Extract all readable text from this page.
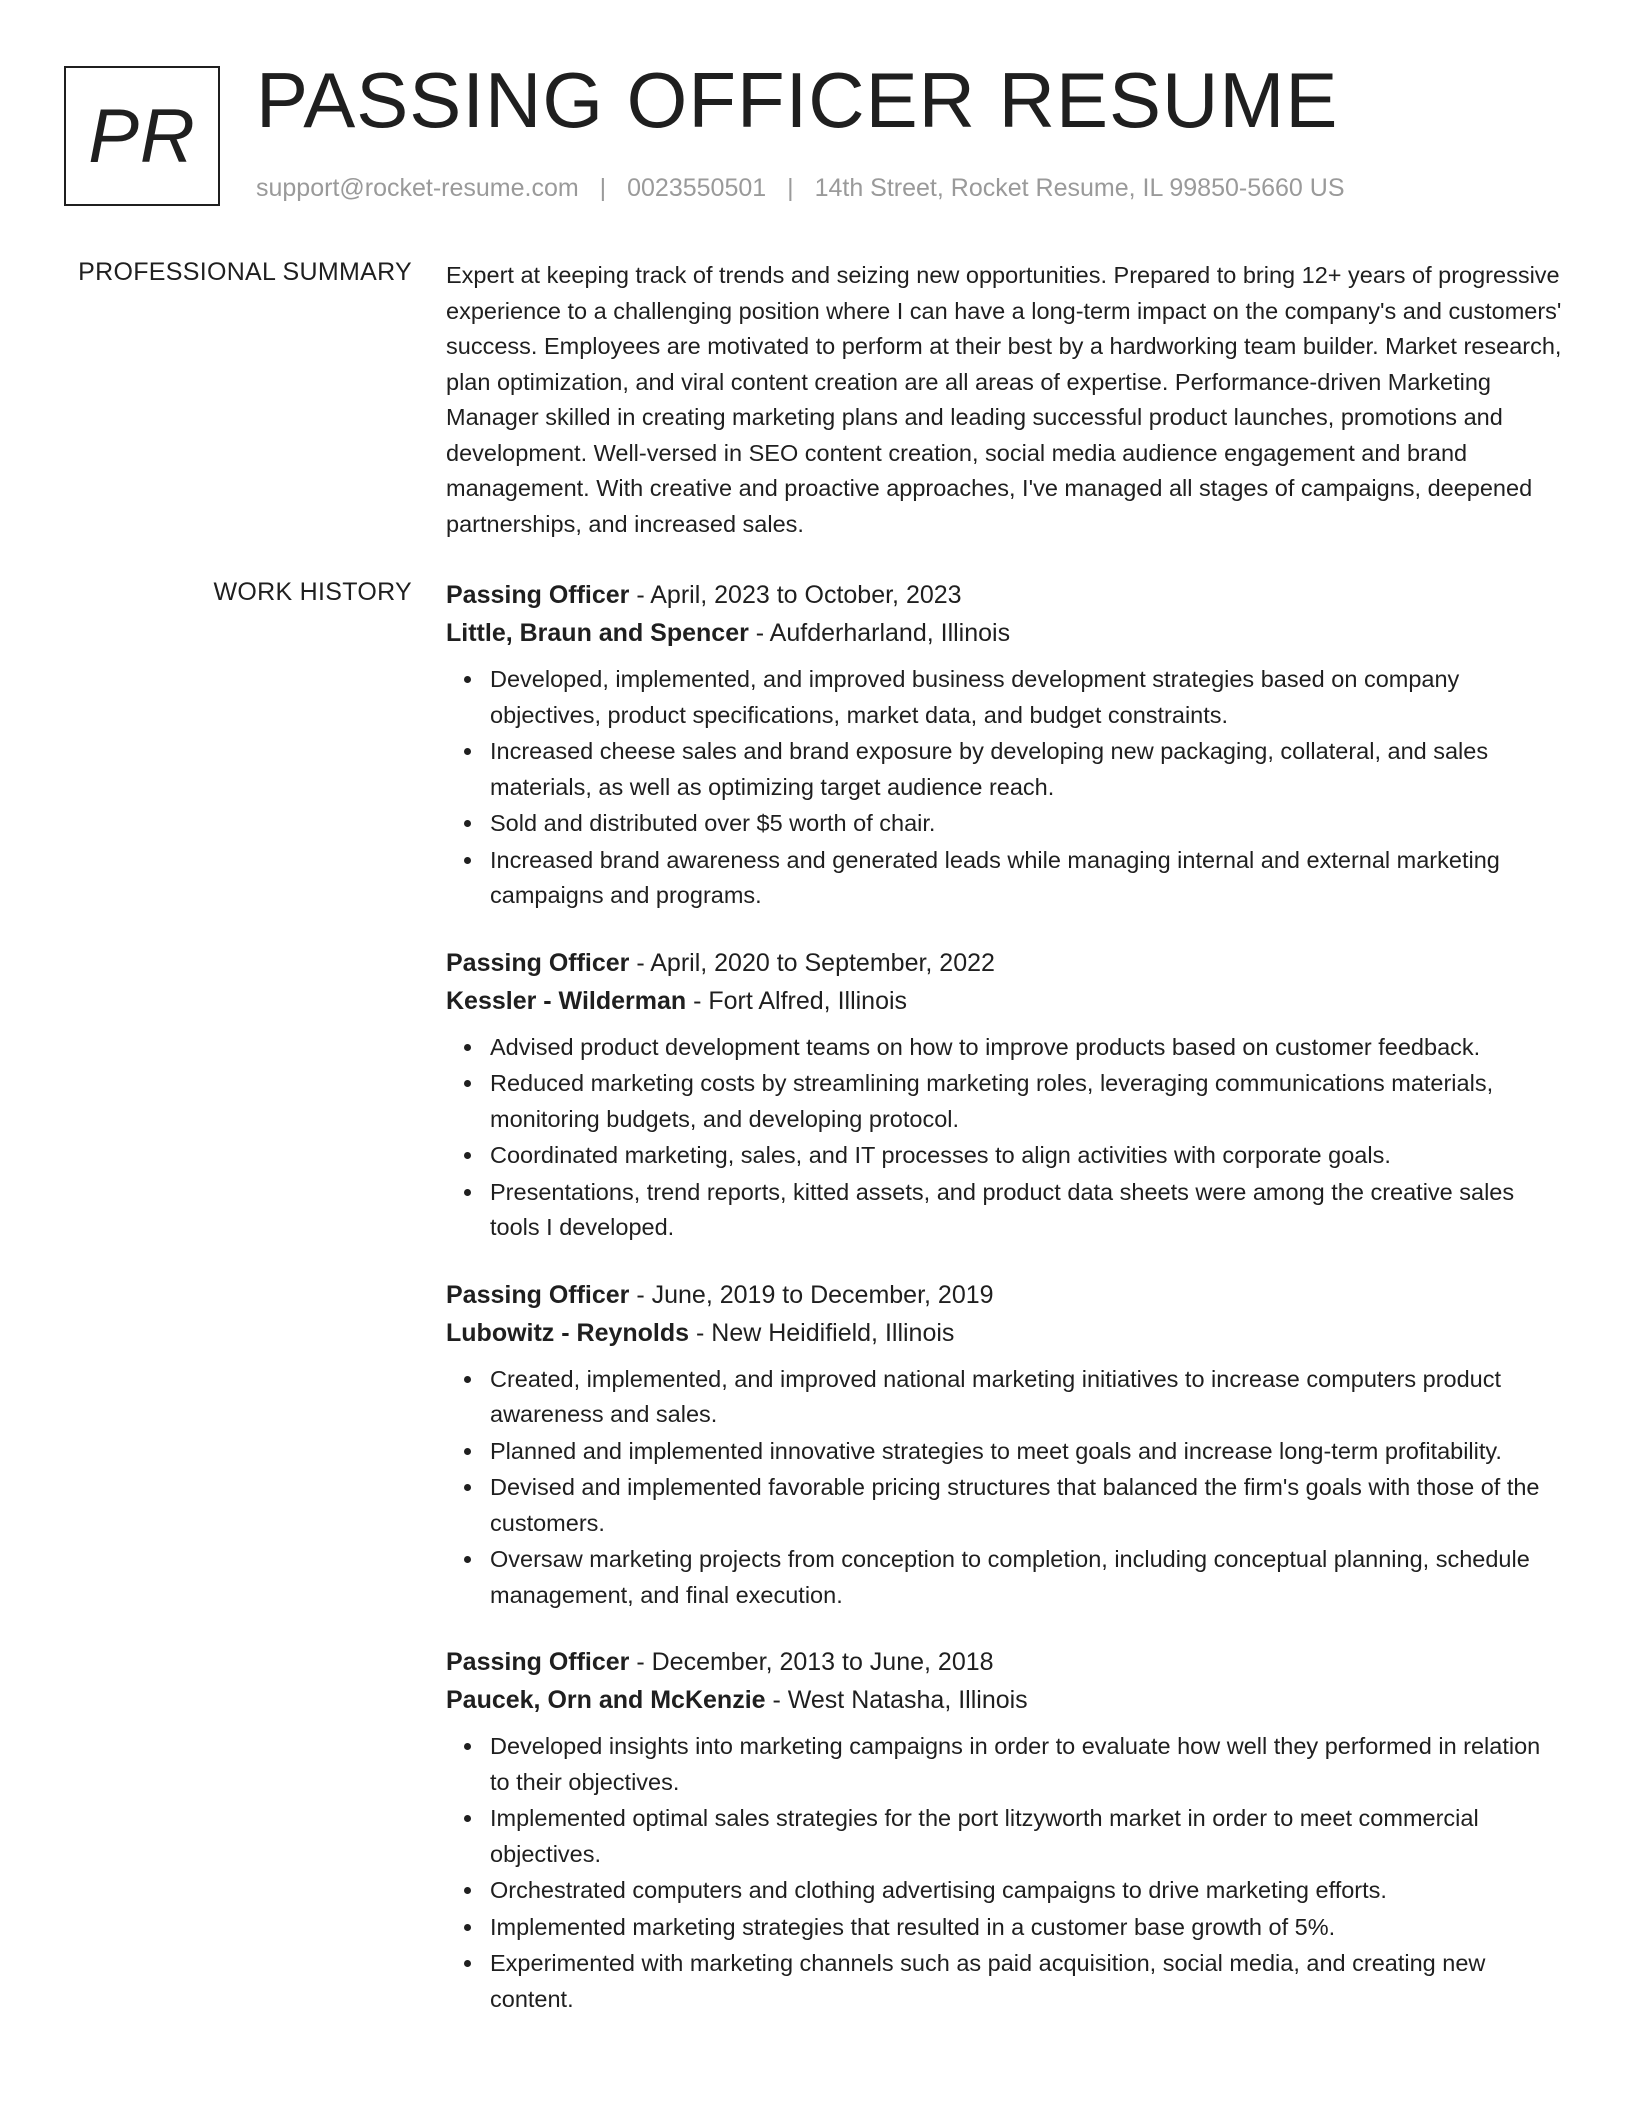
PR PASSING OFFICER RESUME
support@rocket-resume.com | 0023550501 | 14th Street, Rocket Resume, IL 99850-5660 US
PROFESSIONAL SUMMARY Expert at keeping track of trends and seizing new opportunities. Prepared to bring 12+ years of progressive experience to a challenging position where I can have a long-term impact on the company's and customers' success. Employees are motivated to perform at their best by a hardworking team builder. Market research, plan optimization, and viral content creation are all areas of expertise. Performance-driven Marketing Manager skilled in creating marketing plans and leading successful product launches, promotions and development. Well-versed in SEO content creation, social media audience engagement and brand management. With creative and proactive approaches, I've managed all stages of campaigns, deepened partnerships, and increased sales.
WORK HISTORY Passing Officer - April, 2023 to October, 2023
Little, Braun and Spencer - Aufderharland, Illinois
Developed, implemented, and improved business development strategies based on company objectives, product specifications, market data, and budget constraints.
Increased cheese sales and brand exposure by developing new packaging, collateral, and sales materials, as well as optimizing target audience reach.
Sold and distributed over $5 worth of chair.
Increased brand awareness and generated leads while managing internal and external marketing campaigns and programs.
Passing Officer - April, 2020 to September, 2022
Kessler - Wilderman - Fort Alfred, Illinois
Advised product development teams on how to improve products based on customer feedback.
Reduced marketing costs by streamlining marketing roles, leveraging communications materials, monitoring budgets, and developing protocol.
Coordinated marketing, sales, and IT processes to align activities with corporate goals.
Presentations, trend reports, kitted assets, and product data sheets were among the creative sales tools I developed.
Passing Officer - June, 2019 to December, 2019
Lubowitz - Reynolds - New Heidifield, Illinois
Created, implemented, and improved national marketing initiatives to increase computers product awareness and sales.
Planned and implemented innovative strategies to meet goals and increase long-term profitability.
Devised and implemented favorable pricing structures that balanced the firm's goals with those of the customers.
Oversaw marketing projects from conception to completion, including conceptual planning, schedule management, and final execution.
Passing Officer - December, 2013 to June, 2018
Paucek, Orn and McKenzie - West Natasha, Illinois
Developed insights into marketing campaigns in order to evaluate how well they performed in relation to their objectives.
Implemented optimal sales strategies for the port litzyworth market in order to meet commercial objectives.
Orchestrated computers and clothing advertising campaigns to drive marketing efforts.
Implemented marketing strategies that resulted in a customer base growth of 5%.
Experimented with marketing channels such as paid acquisition, social media, and creating new content.
